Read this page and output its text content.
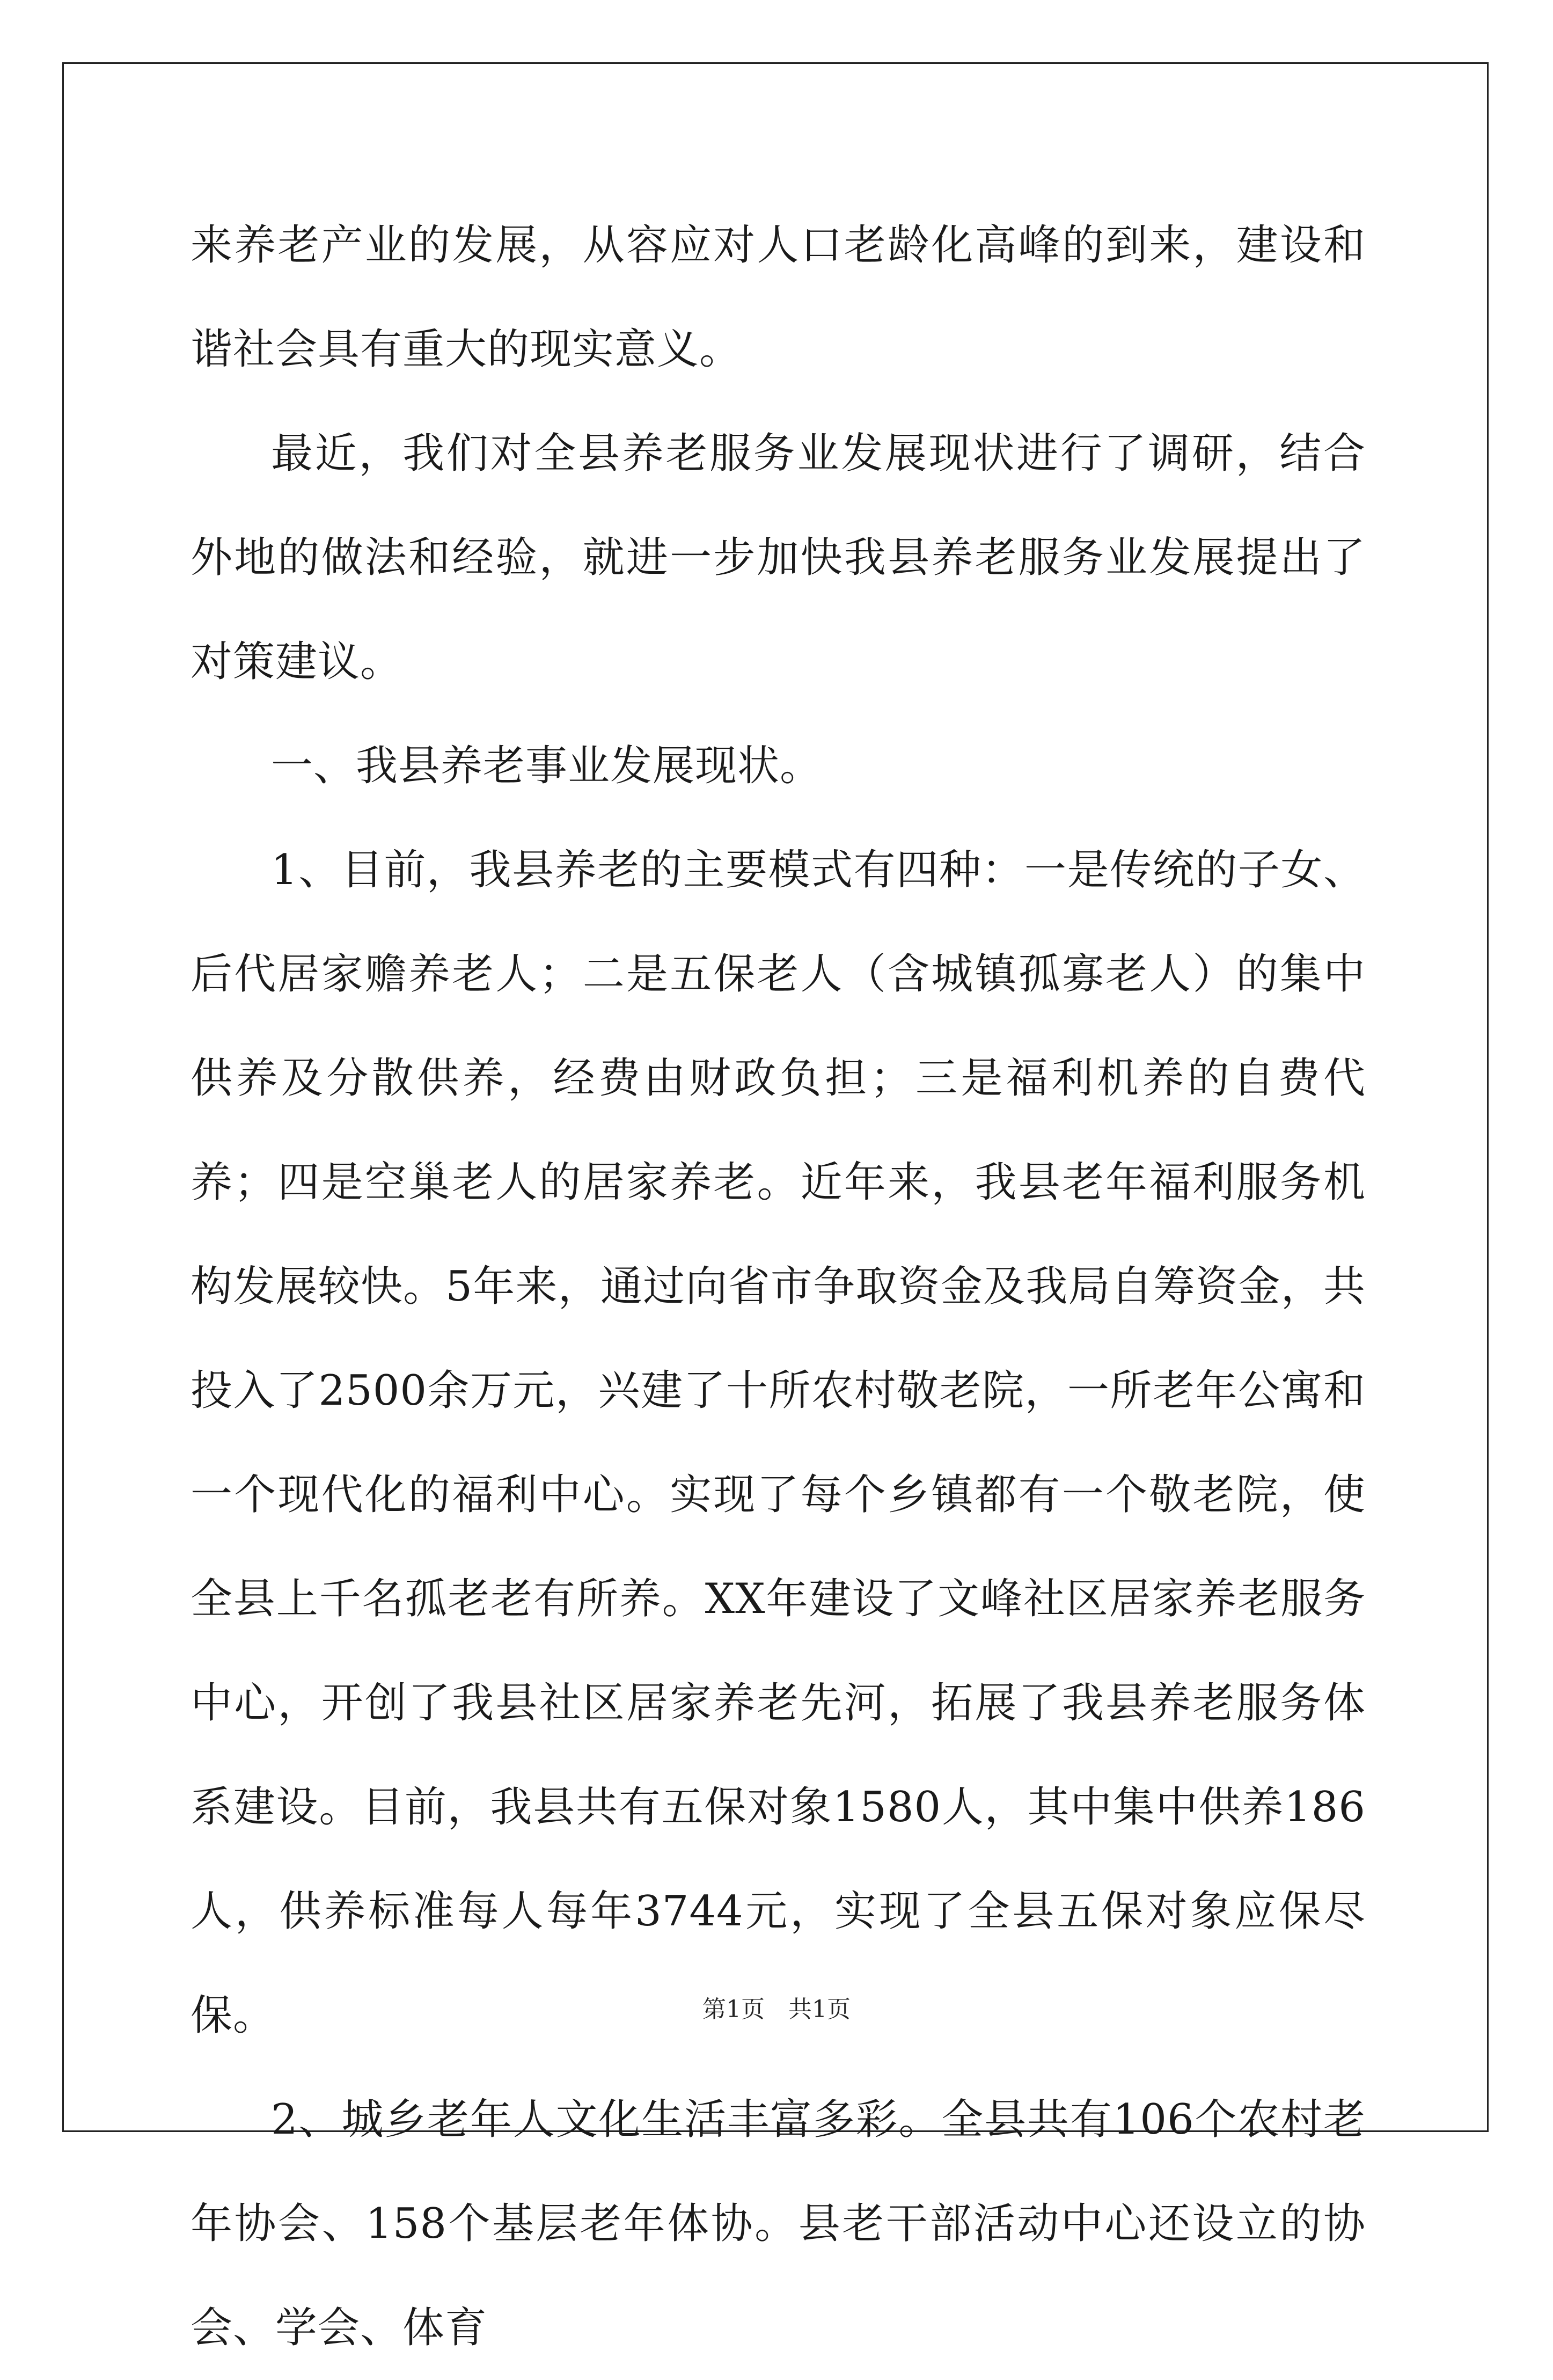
来养老产业的发展，从容应对人口老龄化高峰的到来，建设和谐社会具有重大的现实意义。

最近，我们对全县养老服务业发展现状进行了调研，结合外地的做法和经验，就进一步加快我县养老服务业发展提出了对策建议。

一、我县养老事业发展现状。

1、目前，我县养老的主要模式有四种：一是传统的子女、后代居家赡养老人；二是五保老人（含城镇孤寡老人）的集中供养及分散供养，经费由财政负担；三是福利机养的自费代养；四是空巢老人的居家养老。近年来，我县老年福利服务机构发展较快。5年来，通过向省市争取资金及我局自筹资金，共投入了2500余万元，兴建了十所农村敬老院，一所老年公寓和一个现代化的福利中心。实现了每个乡镇都有一个敬老院，使全县上千名孤老老有所养。XX年建设了文峰社区居家养老服务中心，开创了我县社区居家养老先河，拓展了我县养老服务体系建设。目前，我县共有五保对象1580人，其中集中供养186人，供养标准每人每年3744元，实现了全县五保对象应保尽保。

2、城乡老年人文化生活丰富多彩。全县共有106个农村老年协会、158个基层老年体协。县老干部活动中心还设立的协会、学会、体育

第1页　共1页
